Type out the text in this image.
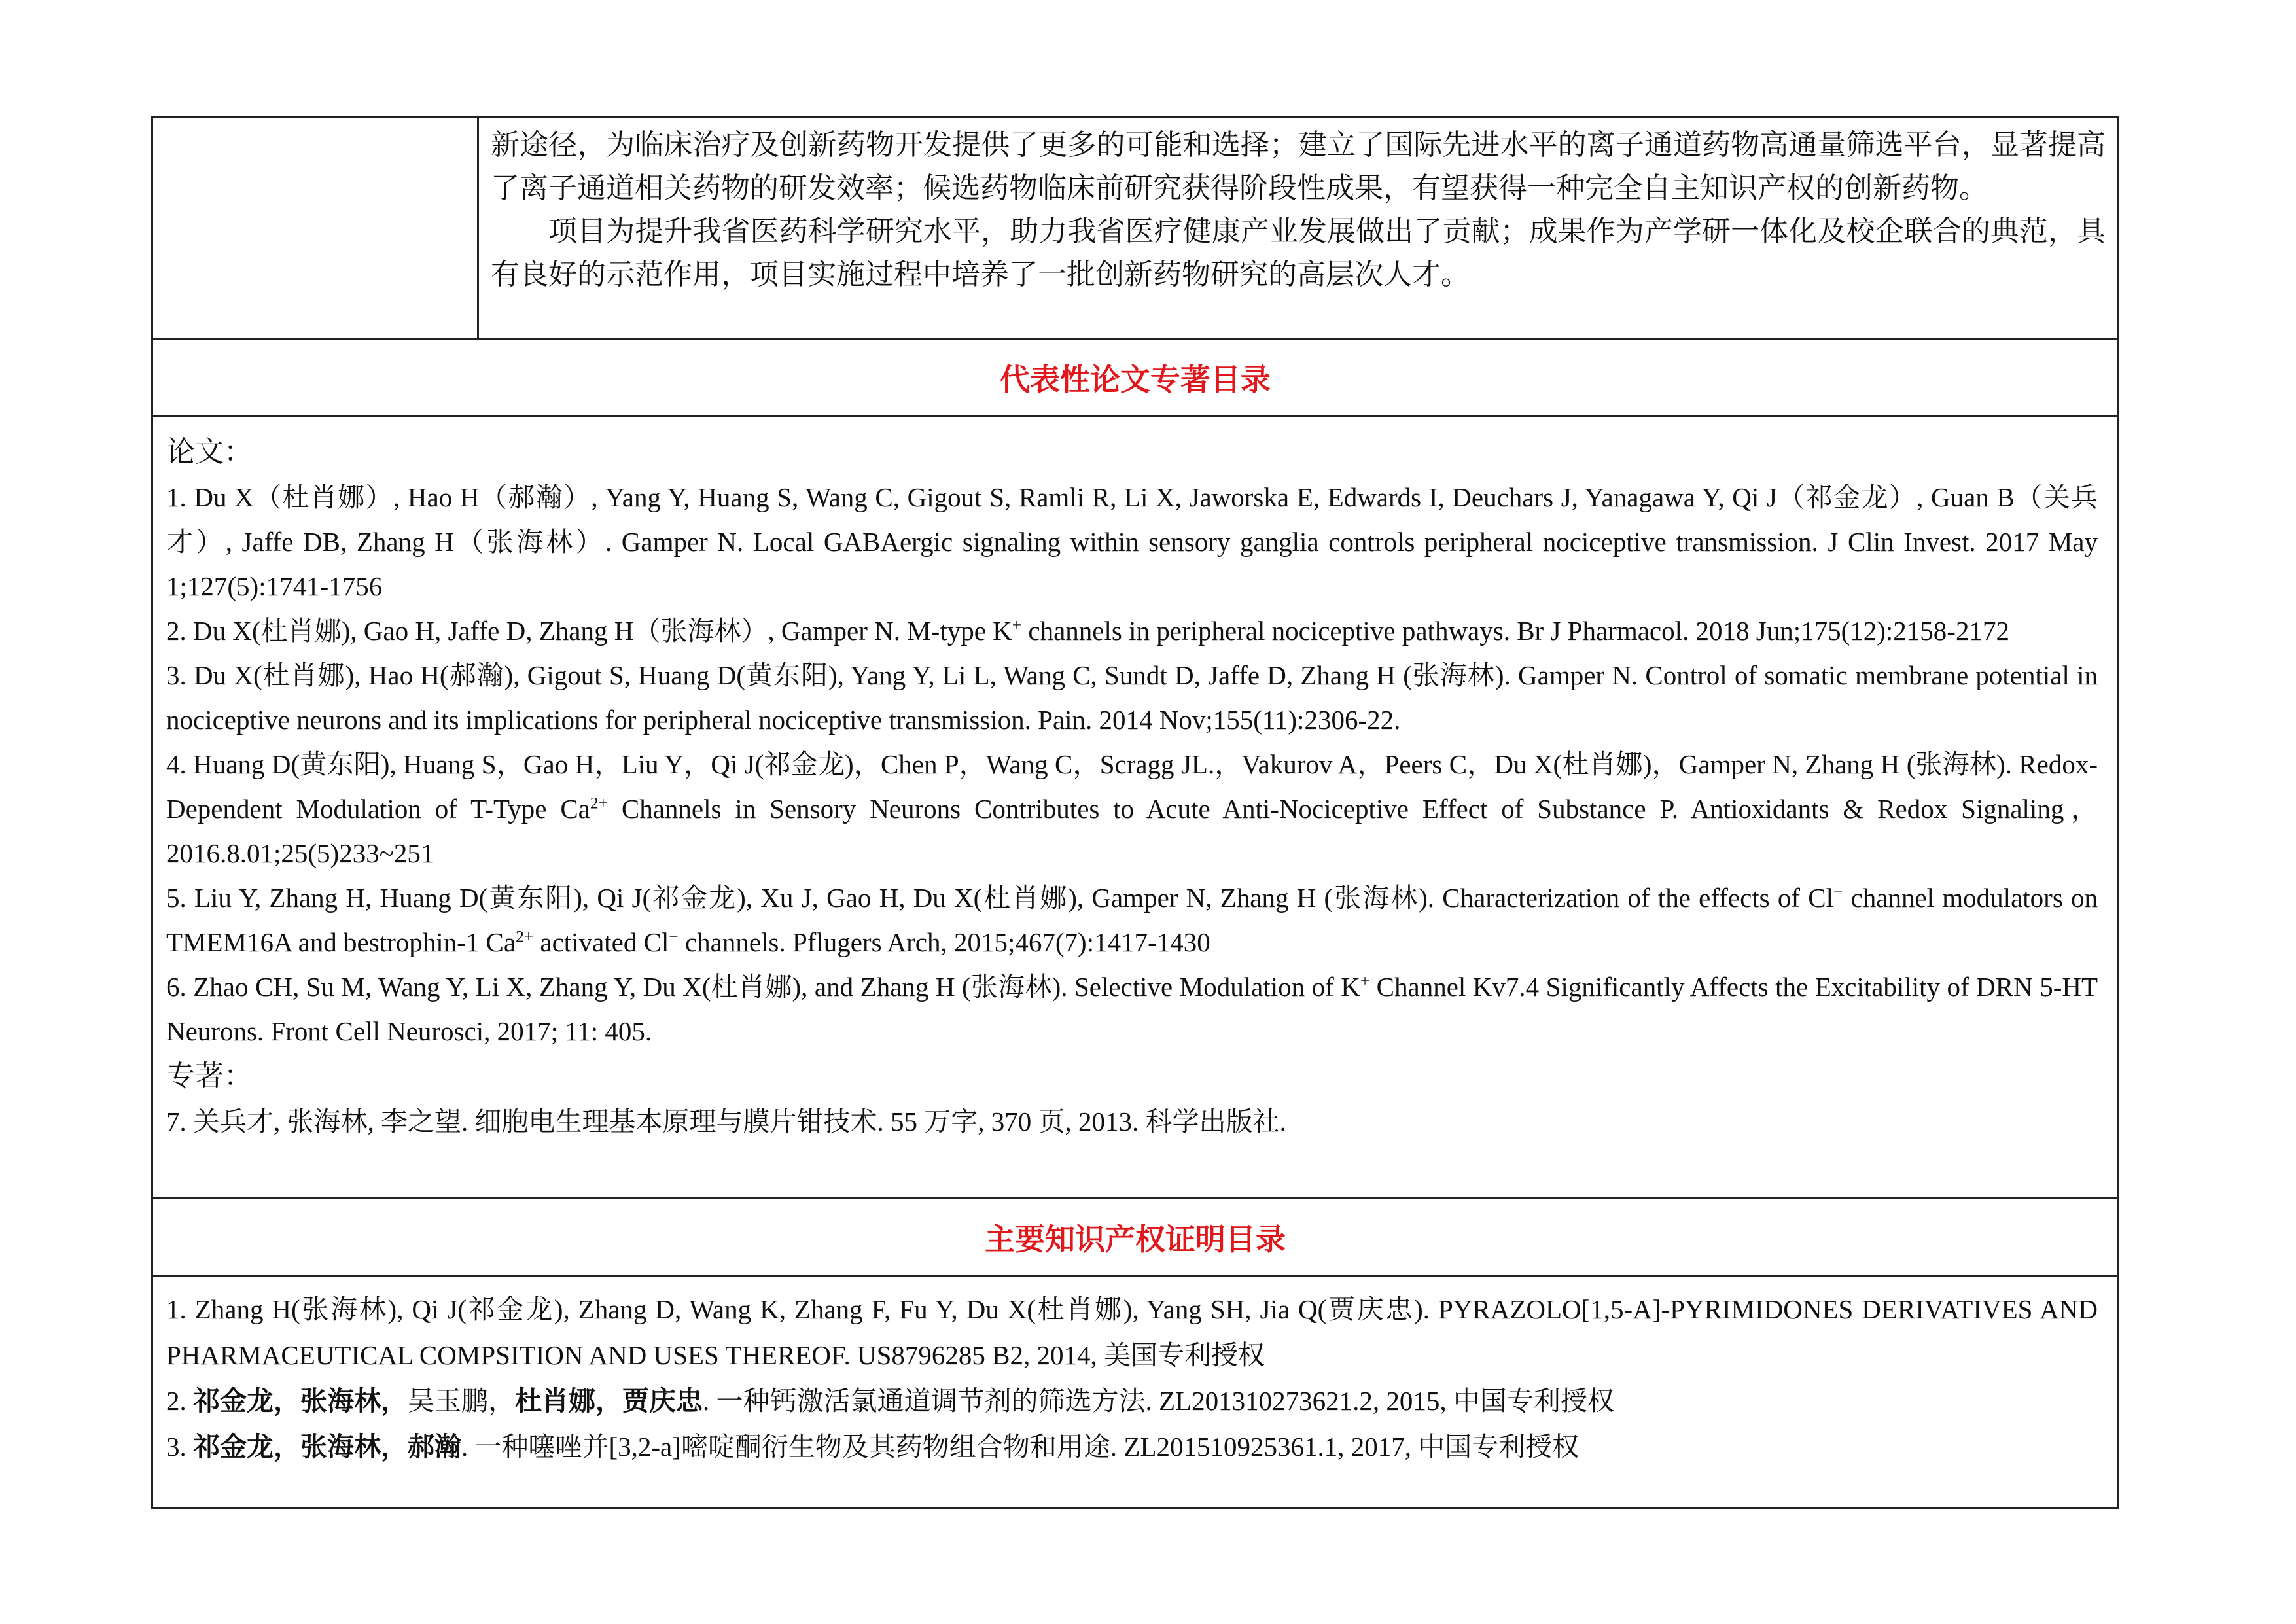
新途径，为临床治疗及创新药物开发提供了更多的可能和选择；建立了国际先进水平的离子通道药物高通量筛选平台，显著提高了离子通道相关药物的研发效率；候选药物临床前研究获得阶段性成果，有望获得一种完全自主知识产权的创新药物。

项目为提升我省医药科学研究水平，助力我省医疗健康产业发展做出了贡献；成果作为产学研一体化及校企联合的典范，具有良好的示范作用，项目实施过程中培养了一批创新药物研究的高层次人才。

代表性论文专著目录
论文：

1. Du X（杜肖娜）, Hao H（郝瀚）, Yang Y, Huang S, Wang C, Gigout S, Ramli R, Li X, Jaworska E, Edwards I, Deuchars J, Yanagawa Y, Qi J（祁金龙）, Guan B（关兵才）, Jaffe DB, Zhang H（张海林）. Gamper N. Local GABAergic signaling within sensory ganglia controls peripheral nociceptive transmission. J Clin Invest. 2017 May 1;127(5):1741-1756

2. Du X(杜肖娜), Gao H, Jaffe D, Zhang H（张海林）, Gamper N. M-type K+ channels in peripheral nociceptive pathways. Br J Pharmacol. 2018 Jun;175(12):2158-2172

3. Du X(杜肖娜), Hao H(郝瀚), Gigout S, Huang D(黄东阳), Yang Y, Li L, Wang C, Sundt D, Jaffe D, Zhang H (张海林). Gamper N. Control of somatic membrane potential in nociceptive neurons and its implications for peripheral nociceptive transmission. Pain. 2014 Nov;155(11):2306-22.

4. Huang D(黄东阳), Huang S，Gao H，Liu Y，Qi J(祁金龙)，Chen P，Wang C，Scragg JL.，Vakurov A，Peers C，Du X(杜肖娜)，Gamper N, Zhang H (张海林). Redox-Dependent Modulation of T-Type $Ca^{2+}$ Channels in Sensory Neurons Contributes to Acute Anti-Nociceptive Effect of Substance P. Antioxidants & Redox Signaling，2016.8.01;25(5)233~251

5. Liu Y, Zhang H, Huang D(黄东阳), Qi J(祁金龙), Xu J, Gao H, Du X(杜肖娜), Gamper N, Zhang H (张海林). Characterization of the effects of Cl− channel modulators on TMEM16A and bestrophin-1 $Ca^{2+}$ activated Cl− channels. Pflugers Arch, 2015;467(7):1417-1430

6. Zhao CH, Su M, Wang Y, Li X, Zhang Y, Du X(杜肖娜), and Zhang H (张海林). Selective Modulation of K+ Channel Kv7.4 Significantly Affects the Excitability of DRN 5-HT Neurons. Front Cell Neurosci, 2017; 11: 405.

专著：

7. 关兵才, 张海林, 李之望. 细胞电生理基本原理与膜片钳技术. 55 万字, 370 页, 2013. 科学出版社.

主要知识产权证明目录

1. Zhang H(张海林), Qi J(祁金龙), Zhang D, Wang K, Zhang F, Fu Y, Du X(杜肖娜), Yang SH, Jia Q(贾庆忠). PYRAZOLO[1,5-A]-PYRIMIDONES DERIVATIVES AND PHARMACEUTICAL COMPSITION AND USES THEREOF. US8796285 B2, 2014, 美国专利授权

2. 祁金龙，张海林，吴玉鹏，杜肖娜，贾庆忠. 一种钙激活氯通道调节剂的筛选方法. ZL201310273621.2, 2015, 中国专利授权

3. 祁金龙，张海林，郝瀚. 一种噻唑并[3,2-a]嘧啶酮衍生物及其药物组合物和用途. ZL201510925361.1, 2017, 中国专利授权
